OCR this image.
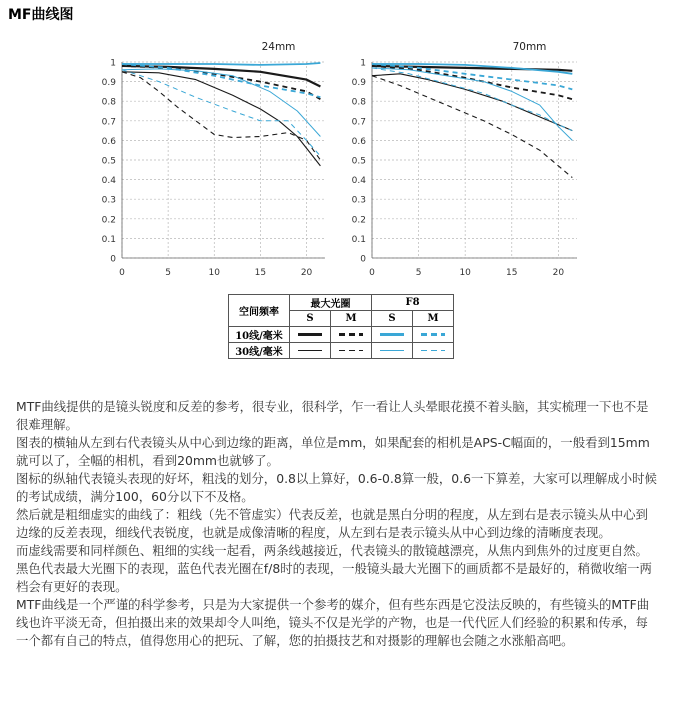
MF曲线图
0
0.1
0.2
0.3
0.4
0.5
0.6
0.7
0.8
0.9
1
0	5	10	15	20
24mm
0
0.1
0.2
0.3
0.4
0.5
0.6
0.7
0.8
0.9
1
0	5	10	15	20
70mm
空间频率	最大光圈		F8	
	S	M	S	M
10线/毫米				
30线/毫米				

MTF曲线提供的是镜头锐度和反差的参考，很专业，很科学，乍一看让人头晕眼花摸不着头脑，其实梳理一下也不是很难理解。

图表的横轴从左到右代表镜头从中心到边缘的距离，单位是mm，如果配套的相机是APS-C幅面的，一般看到15mm就可以了，全幅的相机，看到20mm也就够了。

图标的纵轴代表镜头表现的好坏，粗浅的划分，0.8以上算好，0.6-0.8算一般，0.6一下算差，大家可以理解成小时候的考试成绩，满分100，60分以下不及格。

然后就是粗细虚实的曲线了：粗线（先不管虚实）代表反差，也就是黑白分明的程度，从左到右是表示镜头从中心到边缘的反差表现，细线代表锐度，也就是成像清晰的程度，从左到右是表示镜头从中心到边缘的清晰度表现。

而虚线需要和同样颜色、粗细的实线一起看，两条线越接近，代表镜头的散镜越漂亮，从焦内到焦外的过度更自然。

黑色代表最大光圈下的表现，蓝色代表光圈在f/8时的表现，一般镜头最大光圈下的画质都不是最好的，稍微收缩一两档会有更好的表现。

MTF曲线是一个严谨的科学参考，只是为大家提供一个参考的媒介，但有些东西是它没法反映的，有些镜头的MTF曲线也许平淡无奇，但拍摄出来的效果却令人叫绝，镜头不仅是光学的产物，也是一代代匠人们经验的积累和传承，每一个都有自己的特点，值得您用心的把玩、了解，您的拍摄技艺和对摄影的理解也会随之水涨船高吧。
